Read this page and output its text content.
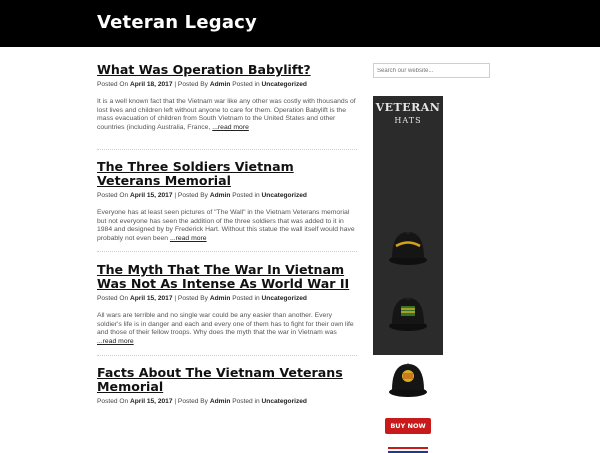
Veteran Legacy
What Was Operation Babylift?
Posted On April 18, 2017 | Posted By Admin Posted in Uncategorized
It is a well known fact that the Vietnam war like any other was costly with thousands of lost lives and children left without anyone to care for them. Operation Babylift is the mass evacuation of children from South Vietnam to the United States and other countries (including Australia, France, ...read more
The Three Soldiers Vietnam Veterans Memorial
Posted On April 15, 2017 | Posted By Admin Posted in Uncategorized
Everyone has at least seen pictures of "The Wall" in the Vietnam Veterans memorial but not everyone has seen the addition of the three soldiers that was added to it in 1984 and designed by by Frederick Hart. Without this statue the wall itself would have probably not even been ...read more
The Myth That The War In Vietnam Was Not As Intense As World War II
Posted On April 15, 2017 | Posted By Admin Posted in Uncategorized
All wars are terrible and no single war could be any easier than another. Every soldier's life is in danger and each and every one of them has to fight for their own life and those of their fellow troops. Why does the myth that the war in Vietnam was ...read more
Facts About The Vietnam Veterans Memorial
Posted On April 15, 2017 | Posted By Admin Posted in Uncategorized
Search our website...
VETERAN
HATS
BUY NOW
VETEFEX
